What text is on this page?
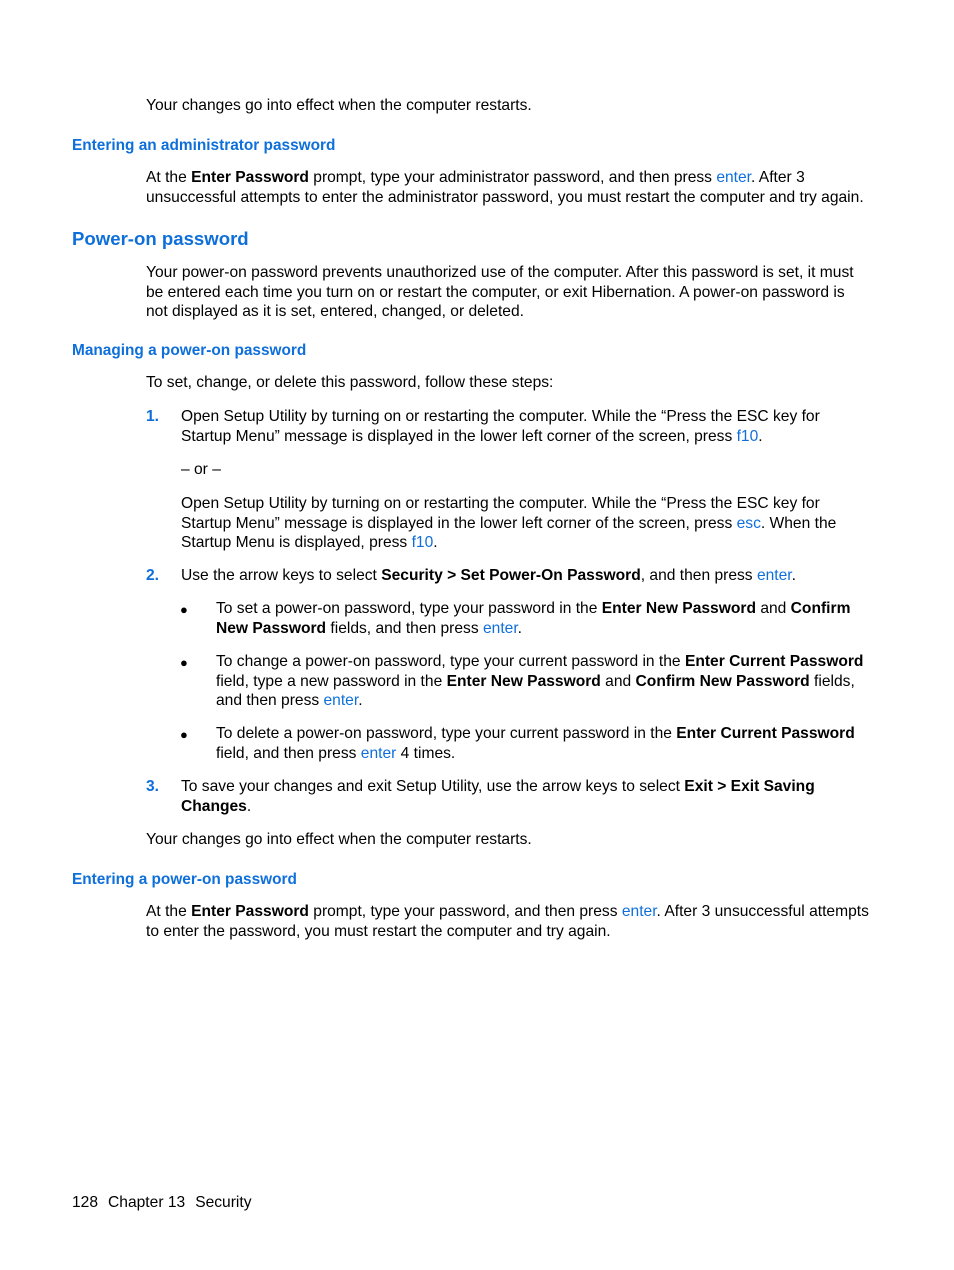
Your changes go into effect when the computer restarts.

Entering an administrator password

At the Enter Password prompt, type your administrator password, and then press enter. After 3 unsuccessful attempts to enter the administrator password, you must restart the computer and try again.

Power-on password

Your power-on password prevents unauthorized use of the computer. After this password is set, it must be entered each time you turn on or restart the computer, or exit Hibernation. A power-on password is not displayed as it is set, entered, changed, or deleted.

Managing a power-on password

To set, change, or delete this password, follow these steps:

1. Open Setup Utility by turning on or restarting the computer. While the “Press the ESC key for Startup Menu” message is displayed in the lower left corner of the screen, press f10.

– or –

Open Setup Utility by turning on or restarting the computer. While the “Press the ESC key for Startup Menu” message is displayed in the lower left corner of the screen, press esc. When the Startup Menu is displayed, press f10.

2. Use the arrow keys to select Security > Set Power-On Password, and then press enter.

● To set a power-on password, type your password in the Enter New Password and Confirm New Password fields, and then press enter.

● To change a power-on password, type your current password in the Enter Current Password field, type a new password in the Enter New Password and Confirm New Password fields, and then press enter.

● To delete a power-on password, type your current password in the Enter Current Password field, and then press enter 4 times.

3. To save your changes and exit Setup Utility, use the arrow keys to select Exit > Exit Saving Changes.

Your changes go into effect when the computer restarts.

Entering a power-on password

At the Enter Password prompt, type your password, and then press enter. After 3 unsuccessful attempts to enter the password, you must restart the computer and try again.

128 Chapter 13 Security
